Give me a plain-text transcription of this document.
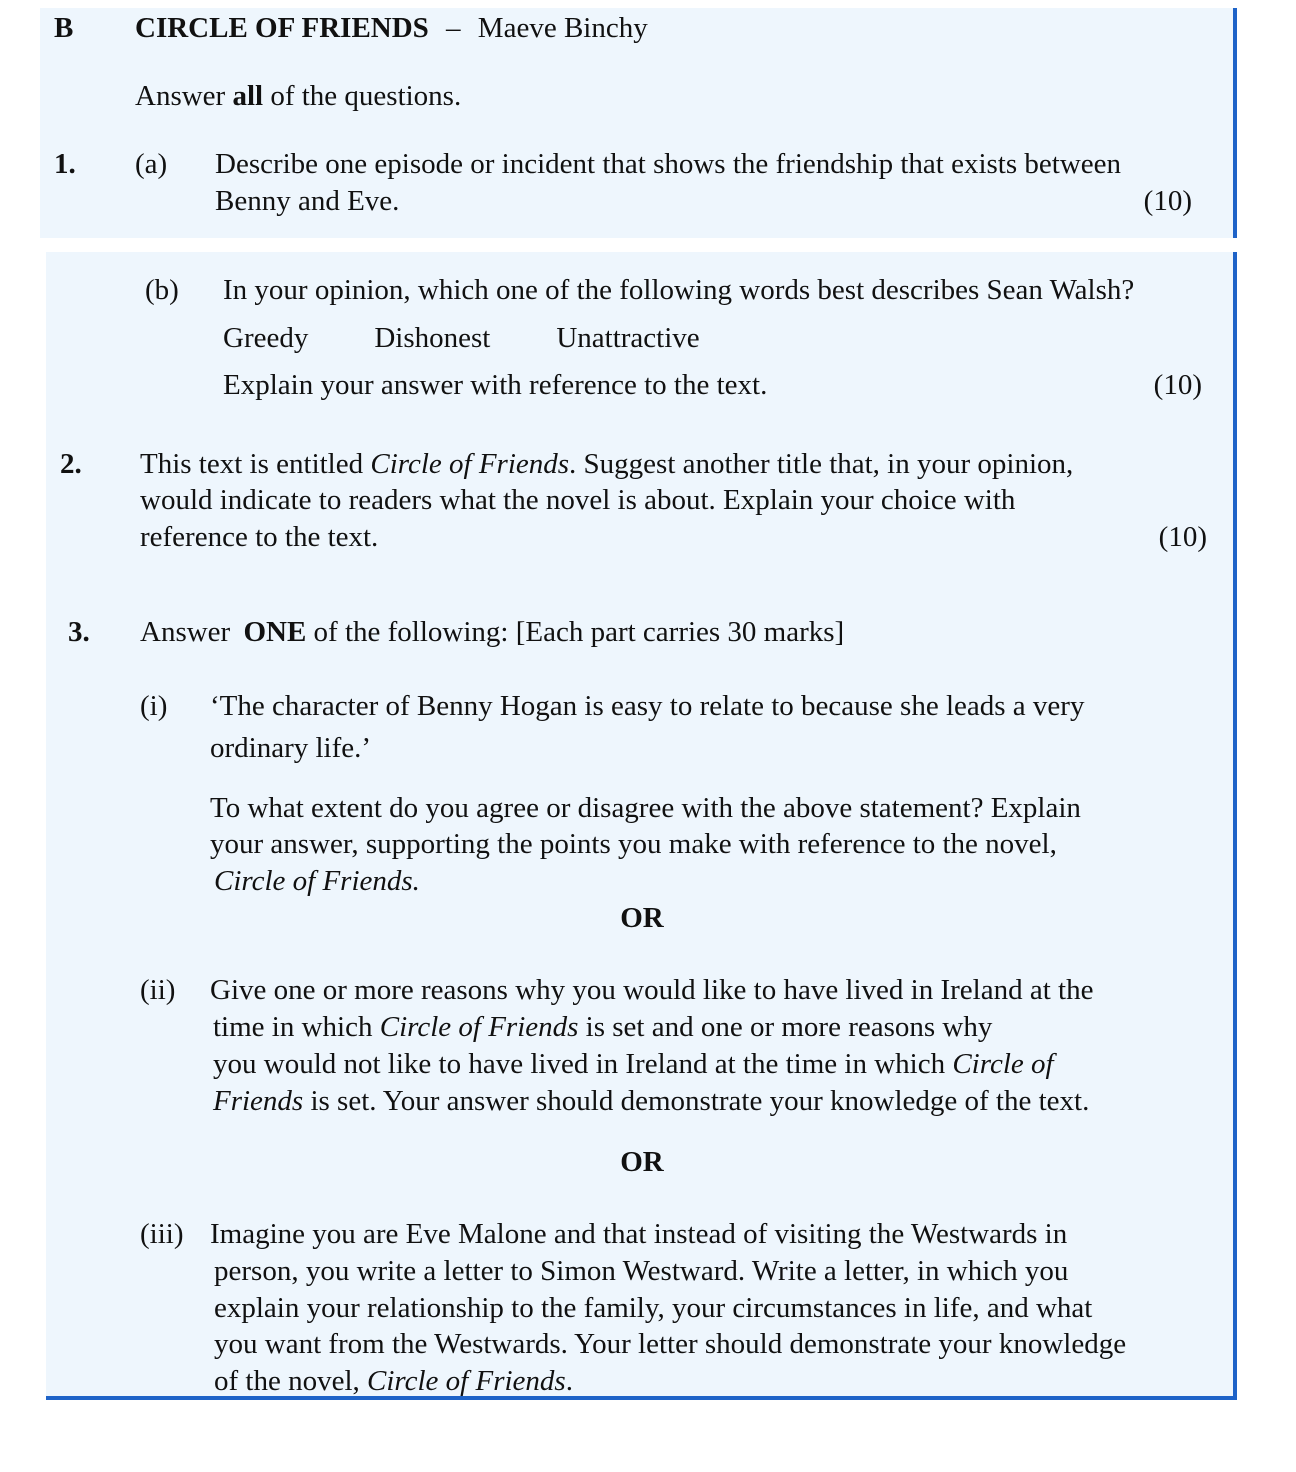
B CIRCLE OF FRIENDS – Maeve Binchy
Answer all of the questions.
1. (a) Describe one episode or incident that shows the friendship that exists between
Benny and Eve.	(10)
(b) In your opinion, which one of the following words best describes Sean Walsh?
Greedy Dishonest Unattractive
Explain your answer with reference to the text.	(10)
2. This text is entitled Circle of Friends. Suggest another title that, in your opinion,
would indicate to readers what the novel is about. Explain your choice with
reference to the text.	(10)
3. Answer ONE of the following: [Each part carries 30 marks]
(i) ‘The character of Benny Hogan is easy to relate to because she leads a very
ordinary life.’
To what extent do you agree or disagree with the above statement? Explain
your answer, supporting the points you make with reference to the novel,
Circle of Friends.
OR
(ii) Give one or more reasons why you would like to have lived in Ireland at the
time in which Circle of Friends is set and one or more reasons why
you would not like to have lived in Ireland at the time in which Circle of
Friends is set. Your answer should demonstrate your knowledge of the text.
OR
(iii) Imagine you are Eve Malone and that instead of visiting the Westwards in
person, you write a letter to Simon Westward. Write a letter, in which you
explain your relationship to the family, your circumstances in life, and what
you want from the Westwards. Your letter should demonstrate your knowledge
of the novel, Circle of Friends.
